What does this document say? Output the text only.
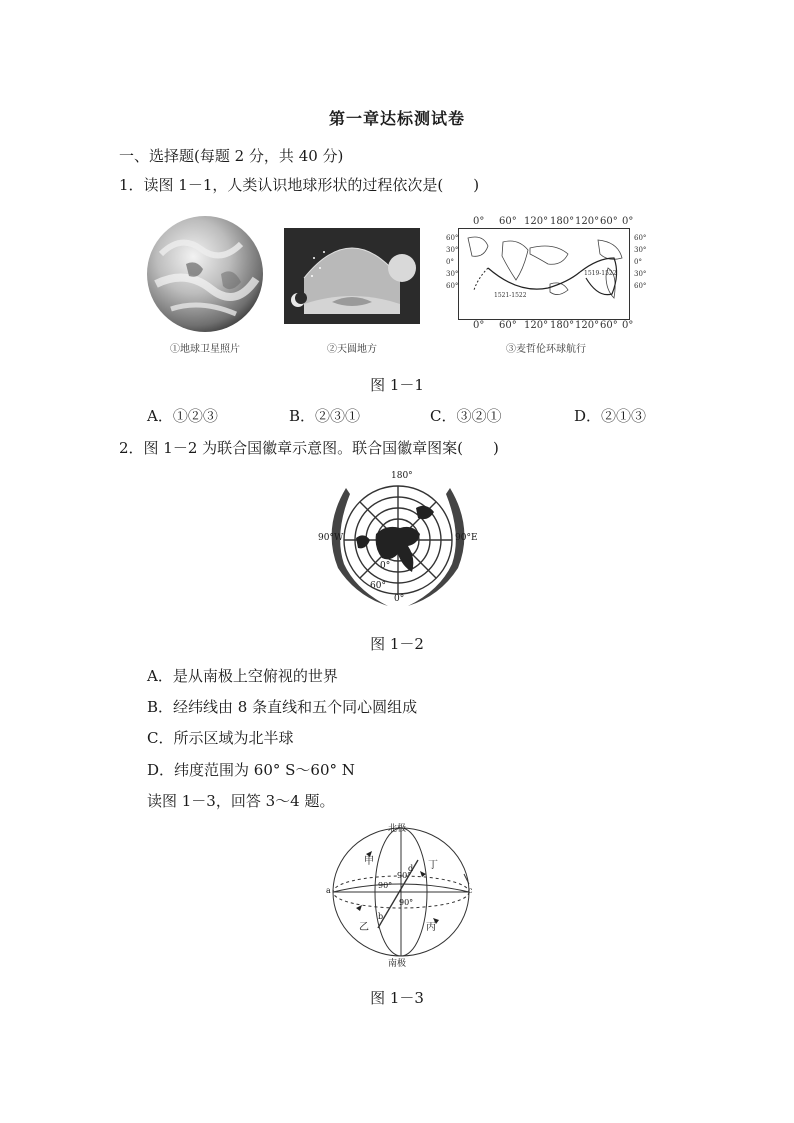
第一章达标测试卷
一、选择题(每题 2 分，共 40 分)
1．读图 1－1，人类认识地球形状的过程依次是(　　)
①地球卫星照片	②天圆地方
0° 60° 120° 180° 120° 60° 0°
60°
30°
0°
30°
60°
60°
30°
0°
30°
60°
1521-1522
1519-1522
0° 60° 120° 180° 120° 60° 0°
③麦哲伦环球航行
图 1－1
A．①②③	B．②③①	C．③②①	D．②①③
2．图 1－2 为联合国徽章示意图。联合国徽章图案(　　)
180°
90°W	90°E
0°
60°
0°
图 1－2
A．是从南极上空俯视的世界
B．经纬线由 8 条直线和五个同心圆组成
C．所示区域为北半球
D．纬度范围为 60° S～60° N
读图 1－3，回答 3～4 题。
北极
南极
甲	丁
乙	丙
a	c
d
b
90°
90°
90°
图 1－3
